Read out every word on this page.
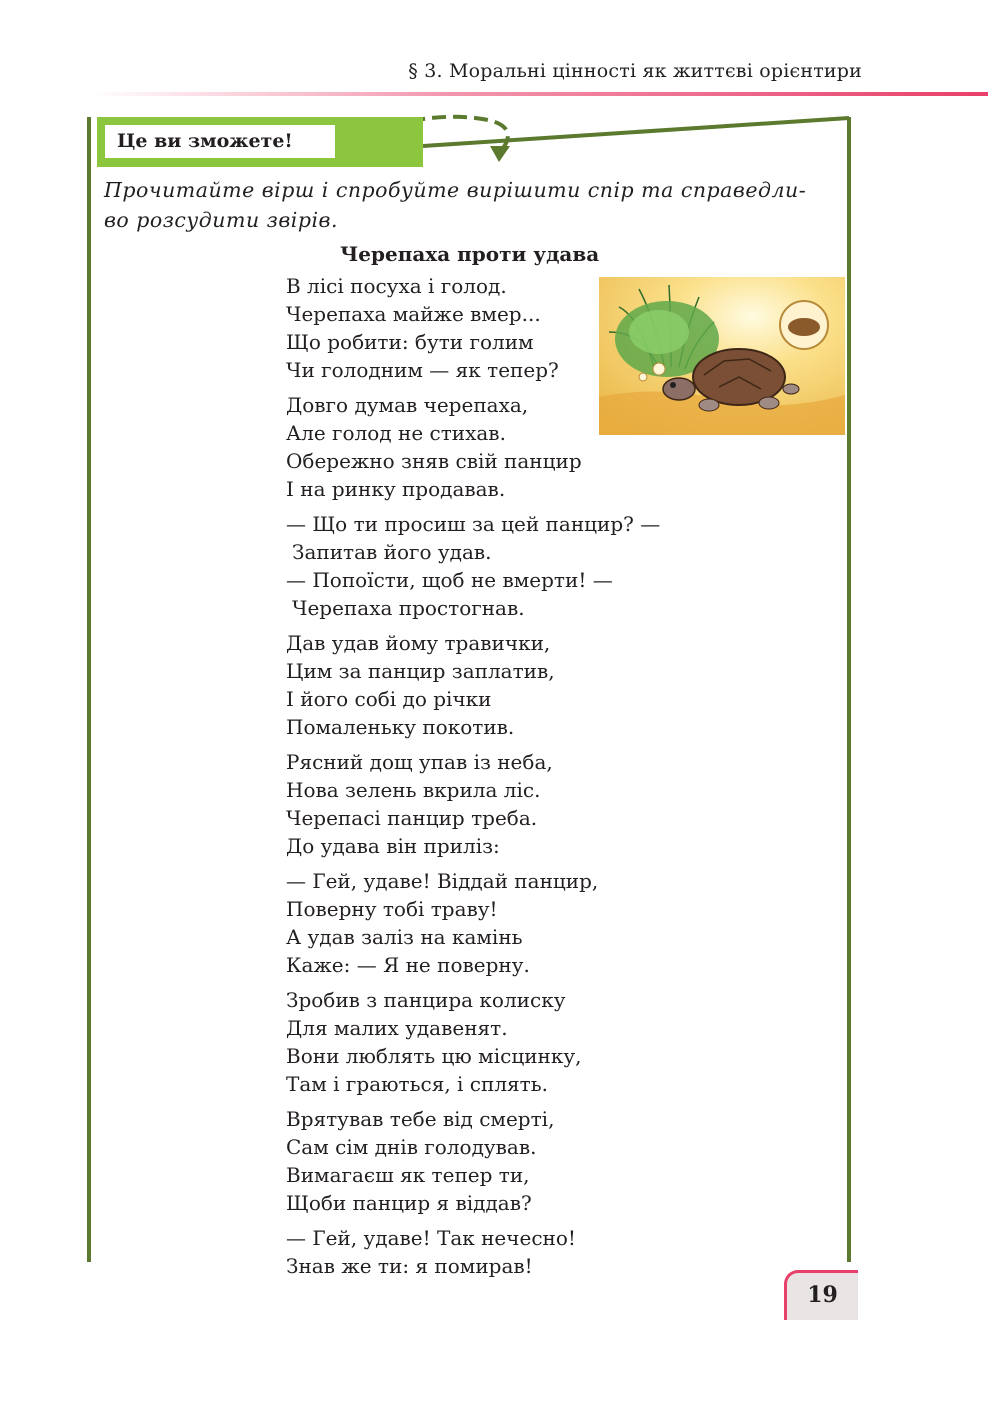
§ 3. Моральні цінності як життєві орієнтири
Це ви зможете!
Прочитайте вірш і спробуйте вирішити спір та справедли-
во розсудити звірів.
Черепаха проти удава
В лісі посуха і голод.
Черепаха майже вмер...
Що робити: бути голим
Чи голодним — як тепер?
Довго думав черепаха,
Але голод не стихав.
Обережно зняв свій панцир
І на ринку продавав.
— Що ти просиш за цей панцир? —
Запитав його удав.
— Попоїсти, щоб не вмерти! —
Черепаха простогнав.
Дав удав йому травички,
Цим за панцир заплатив,
І його собі до річки
Помаленьку покотив.
Рясний дощ упав із неба,
Нова зелень вкрила ліс.
Черепасі панцир треба.
До удава він приліз:
— Гей, удаве! Віддай панцир,
Поверну тобі траву!
А удав заліз на камінь
Каже: — Я не поверну.
Зробив з панцира колиску
Для малих удавенят.
Вони люблять цю місцинку,
Там і граються, і сплять.
Врятував тебе від смерті,
Сам сім днів голодував.
Вимагаєш як тепер ти,
Щоби панцир я віддав?
— Гей, удаве! Так нечесно!
Знав же ти: я помирав!
19
